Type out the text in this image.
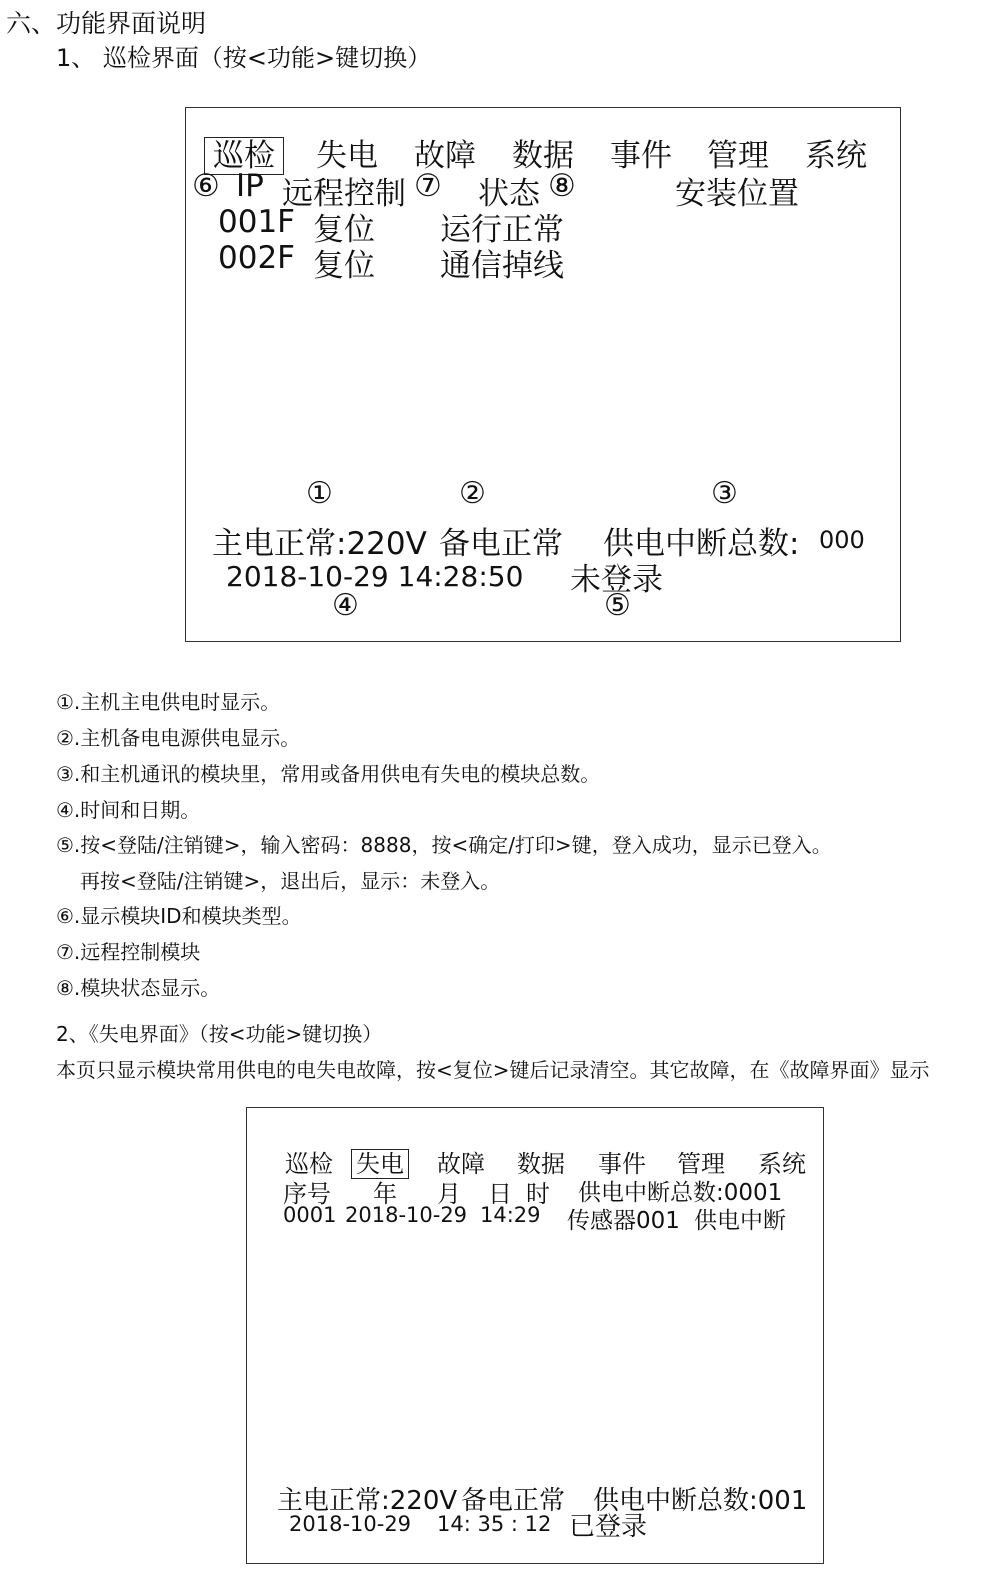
六、功能界面说明
1、 巡检界面（按<功能>键切换）
巡检 失电 故障 数据 事件 管理 系统
⑥ IP 远程控制 ⑦ 状态 ⑧	安装位置
001F 复位 运行正常
002F 复位 通信掉线
①	②	③
主电正常:220V 备电正常 供电中断总数: 000
2018-10-29 14:28:50 未登录
④	⑤
①.主机主电供电时显示。
②.主机备电电源供电显示。
③.和主机通讯的模块里，常用或备用供电有失电的模块总数。
④.时间和日期。
⑤.按<登陆/注销键>，输入密码：8888，按<确定/打印>键，登入成功，显示已登入。
再按<登陆/注销键>，退出后，显示：未登入。
⑥.显示模块ID和模块类型。
⑦.远程控制模块
⑧.模块状态显示。
2、《失电界面》（按<功能>键切换）
本页只显示模块常用供电的电失电故障，按<复位>键后记录清空。其它故障，在《故障界面》显示
巡检 失电 故障 数据 事件 管理 系统
序号 年 月 日 时 供电中断总数:0001
0001 2018-10-29 14:29 传感器001 供电中断
主电正常:220V 备电正常 供电中断总数:001
2018-10-29 14: 35 : 12 已登录
